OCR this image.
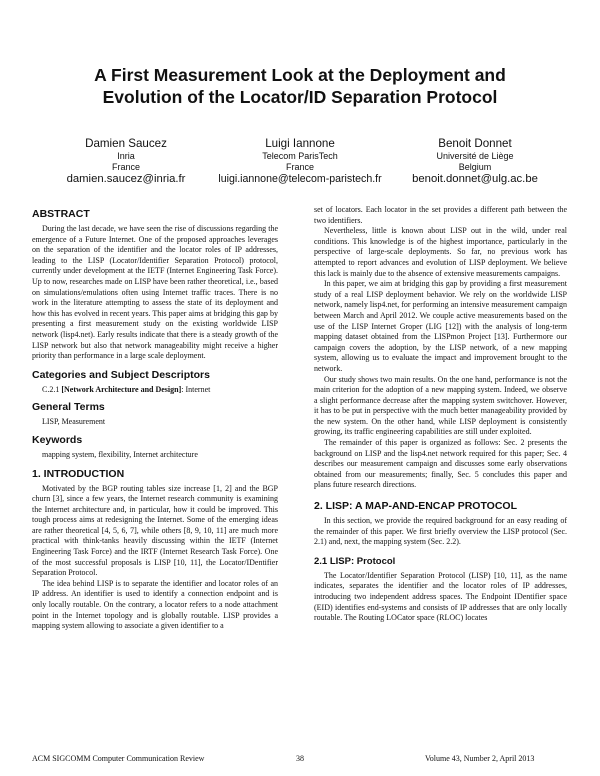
A First Measurement Look at the Deployment and
Evolution of the Locator/ID Separation Protocol
Damien Saucez
Inria
France
damien.saucez@inria.fr
Luigi Iannone
Telecom ParisTech
France
luigi.iannone@telecom-paristech.fr
Benoit Donnet
Université de Liège
Belgium
benoit.donnet@ulg.ac.be
ABSTRACT

During the last decade, we have seen the rise of discussions regarding the emergence of a Future Internet. One of the proposed approaches leverages on the separation of the identifier and the locator roles of IP addresses, leading to the LISP (Locator/Identifier Separation Protocol) protocol, currently under development at the IETF (Internet Engineering Task Force). Up to now, researches made on LISP have been rather theoretical, i.e., based on simulations/emulations often using Internet traffic traces. There is no work in the literature attempting to assess the state of its deployment and how this has evolved in recent years. This paper aims at bridging this gap by presenting a first measurement study on the existing worldwide LISP network (lisp4.net). Early results indicate that there is a steady growth of the LISP network but also that network manageability might receive a higher priority than performance in a large scale deployment.

Categories and Subject Descriptors

C.2.1 [Network Architecture and Design]: Internet

General Terms

LISP, Measurement

Keywords

mapping system, flexibility, Internet architecture

1. INTRODUCTION

Motivated by the BGP routing tables size increase [1, 2] and the BGP churn [3], since a few years, the Internet research community is examining the Internet architecture and, in particular, how it could be improved. This tough process aims at redesigning the Internet. Some of the emerging ideas are rather theoretical [4, 5, 6, 7], while others [8, 9, 10, 11] are much more practical with think-tanks heavily discussing within the IETF (Internet Engineering Task Force) and the IRTF (Internet Research Task Force). One of the most successful proposals is LISP [10, 11], the Locator/IDentifier Separation Protocol.

The idea behind LISP is to separate the identifier and locator roles of an IP address. An identifier is used to identify a connection endpoint and is only locally routable. On the contrary, a locator refers to a node attachment point in the Internet topology and is globally routable. LISP provides a mapping system allowing to associate a given identifier to a

set of locators. Each locator in the set provides a different path between the two identifiers.

Nevertheless, little is known about LISP out in the wild, under real conditions. This knowledge is of the highest importance, particularly in the perspective of large-scale deployments. So far, no previous work has attempted to report advances and evolution of LISP deployment. We believe this lack is mainly due to the absence of extensive measurements campaigns.

In this paper, we aim at bridging this gap by providing a first measurement study of a real LISP deployment behavior. We rely on the worldwide LISP network, namely lisp4.net, for performing an intensive measurement campaign between March and April 2012. We couple active measurements based on the use of the LISP Internet Groper (LIG [12]) with the analysis of long-term mapping dataset obtained from the LISPmon Project [13]. Furthermore our campaign covers the adoption, by the LISP network, of a new mapping system, allowing us to evaluate the impact and improvement brought to the network.

Our study shows two main results. On the one hand, performance is not the main criterion for the adoption of a new mapping system. Indeed, we observe a slight performance decrease after the mapping system switchover. However, it has to be put in perspective with the much better manageability provided by the new system. On the other hand, while LISP deployment is consistently growing, its traffic engineering capabilities are still under exploited.

The remainder of this paper is organized as follows: Sec. 2 presents the background on LISP and the lisp4.net network required for this paper; Sec. 4 describes our measurement campaign and discusses some early observations obtained from our measurements; finally, Sec. 5 concludes this paper and plans future research directions.

2. LISP: A MAP-AND-ENCAP PROTOCOL

In this section, we provide the required background for an easy reading of the remainder of this paper. We first briefly overview the LISP protocol (Sec. 2.1) and, next, the mapping system (Sec. 2.2).

2.1 LISP: Protocol

The Locator/Identifier Separation Protocol (LISP) [10, 11], as the name indicates, separates the identifier and the locator roles of IP addresses, introducing two independent address spaces. The Endpoint IDentifier space (EID) identifies end-systems and consists of IP addresses that are only locally routable. The Routing LOCator space (RLOC) locates

ACM SIGCOMM Computer Communication Review	38	Volume 43, Number 2, April 2013
